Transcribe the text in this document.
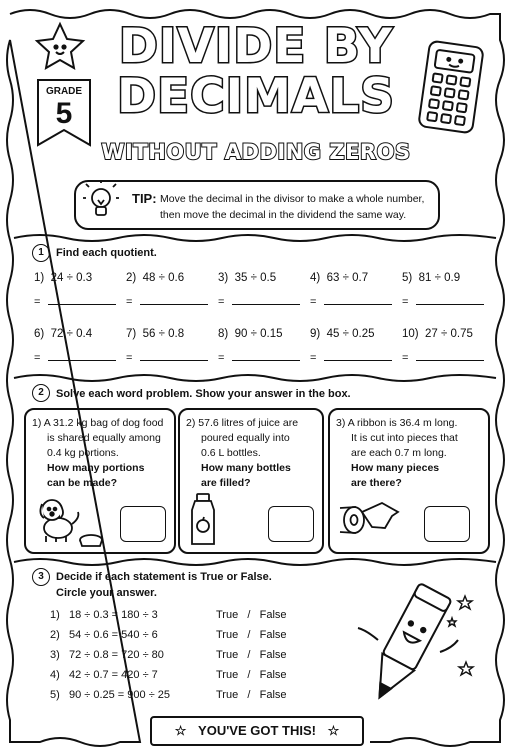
DIVIDE BY
DECIMALS
WITHOUT ADDING ZEROS
GRADE
5
TIP: Move the decimal in the divisor to make a whole number, then move the decimal in the dividend the same way.
1	Find each quotient.
1) 24 ÷ 0.3
=
2) 48 ÷ 0.6
=
3) 35 ÷ 0.5
=
4) 63 ÷ 0.7
=
5) 81 ÷ 0.9
=
6) 72 ÷ 0.4
=
7) 56 ÷ 0.8
=
8) 90 ÷ 0.15
=
9) 45 ÷ 0.25
=
10) 27 ÷ 0.75
=
2	Solve each word problem. Show your answer in the box.
1) A 31.2 kg bag of dog food
is shared equally among
0.4 kg portions.
How many portions
can be made?
2) 57.6 litres of juice are
poured equally into
0.6 L bottles.
How many bottles
are filled?
3) A ribbon is 36.4 m long.
It is cut into pieces that
are each 0.7 m long.
How many pieces
are there?
3	Decide if each statement is True or False.
Circle your answer.
1) 18 ÷ 0.3 = 180 ÷ 3	True / False
2) 54 ÷ 0.6 = 540 ÷ 6	True / False
3) 72 ÷ 0.8 = 720 ÷ 80	True / False
4) 42 ÷ 0.7 = 420 ÷ 7	True / False
5) 90 ÷ 0.25 = 900 ÷ 25	True / False
☆ YOU'VE GOT THIS! ☆
